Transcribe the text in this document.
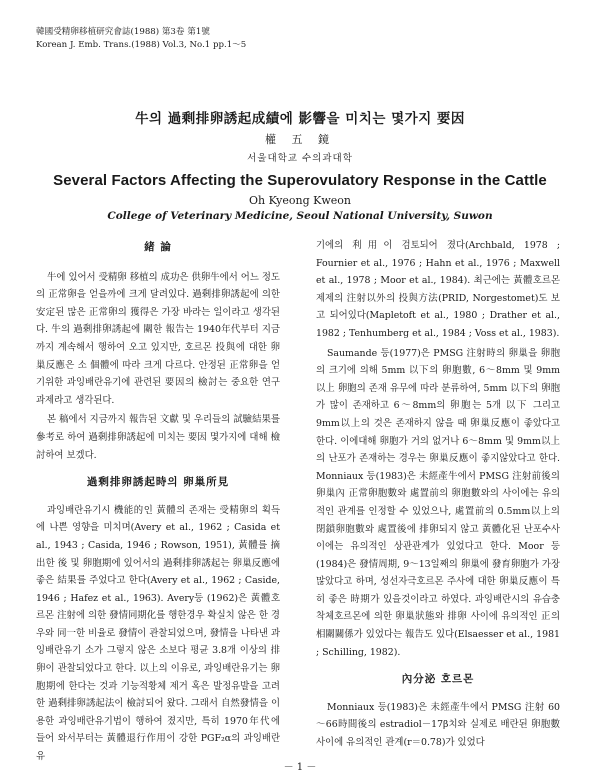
韓國受精卵移植研究會誌(1988) 第3卷 第1號
Korean J. Emb. Trans.(1988) Vol.3, No.1 pp.1～5
牛의 過剩排卵誘起成績에 影響을 미치는 몇가지 要因
權 五 鏡
서울대학교 수의과대학
Several Factors Affecting the Superovulatory Response in the Cattle
Oh Kyeong Kweon
College of Veterinary Medicine, Seoul National University, Suwon
緒 論

牛에 있어서 受精卵 移植의 成功은 供卵牛에서 어느 정도의 正常卵을 얻을까에 크게 달려있다. 過剩排卵誘起에 의한 安定된 많은 正常卵의 獲得은 가장 바라는 일이라고 생각된다. 牛의 過剩排卵誘起에 關한 報告는 1940年代부터 지금까지 계속해서 행하여 오고 있지만, 호르몬 投與에 대한 卵巢反應은 소 個體에 따라 크게 다르다. 안정된 正常卵을 얻기위한 과잉배란유기에 관련된 要因의 檢討는 중요한 연구 과제라고 생각된다.

본 稿에서 지금까지 報告된 文獻 및 우리들의 試驗結果를 參考로 하여 過剩排卵誘起에 미치는 要因 몇가지에 대해 檢討하여 보겠다.

過剩排卵誘起時의 卵巢所見

과잉배란유기시 機能的인 黃體의 존재는 受精卵의 획득에 나쁜 영향을 미치며(Avery et al., 1962 ; Casida et al., 1943 ; Casida, 1946 ; Rowson, 1951), 黃體를 摘出한 後 및 卵胞期에 있어서의 過剩排卵誘起는 卵巢反應에 좋은 結果를 주었다고 한다(Avery et al., 1962 ; Caside, 1946 ; Hafez et al., 1963). Avery등 (1962)은 黃體호르몬 注射에 의한 發情同期化를 행한경우 확실치 않은 한 경우와 同一한 비율로 發情이 관찰되었으며, 發情을 나타낸 과잉배란유기 소가 그렇지 않은 소보다 평균 3.8개 이상의 排卵이 관찰되었다고 한다. 以上의 이유로, 과잉배란유기는 卵胞期에 한다는 것과 기능적황체 제거 혹은 발정유발을 고려한 過剩排卵誘起法이 檢討되어 왔다. 그래서 自然發情을 이용한 과잉배란유기법이 행하여 졌지만, 특히 1970年代에 들어 와서부터는 黃體退行作用이 강한 PGF₂α의 과잉배란유

기에의 利用이 검토되어 졌다(Archbald, 1978 ; Fournier et al., 1976 ; Hahn et al., 1976 ; Maxwell et al., 1978 ; Moor et al., 1984). 최근에는 黃體호르몬제제의 注射以外의 投與方法(PRID, Norgestomet)도 보고 되어있다(Mapletoft et al., 1980 ; Drather et al., 1982 ; Tenhumberg et al., 1984 ; Voss et al., 1983).

Saumande 등(1977)은 PMSG 注射時의 卵巢을 卵胞의 크기에 의해 5mm 以下의 卵胞數, 6～8mm 및 9mm 以上 卵胞의 존재 유무에 따라 분류하여, 5mm 以下의 卵胞가 많이 존재하고 6～8mm의 卵胞는 5개 以下 그리고 9mm以上의 것은 존재하지 않을 때 卵巢反應이 좋았다고 한다. 이에대해 卵胞가 거의 없거나 6～8mm 및 9mm以上의 난포가 존재하는 경우는 卵巢反應이 좋지않았다고 한다. Monniaux 등(1983)은 未經產牛에서 PMSG 注射前後의 卵巢內 正常卵胞數와 處置前의 卵胞數와의 사이에는 유의적인 관계를 인정할 수 있었으나, 處置前의 0.5mm以上의 閉鎖卵胞數와 處置後에 排卵되지 않고 黃體化된 난포수사이에는 유의적인 상관관계가 있었다고 한다. Moor 등(1984)은 發情周期, 9～13일째의 卵巢에 發育卵胞가 가장 많았다고 하며, 성선자극호르몬 주사에 대한 卵巢反應이 특히 좋은 時期가 있을것이라고 하였다. 과잉배란시의 유습충 착체호르몬에 의한 卵巢狀態와 排卵 사이에 유의적인 正의 相關關係가 있었다는 報告도 있다(Elsaesser et al., 1981 ; Schilling, 1982).

內分泌 호르몬

Monniaux 등(1983)은 未經產牛에서 PMSG 注射 60～66時間後의 estradiol－17β치와 실제로 배란된 卵胞數사이에 유의적인 관계(r＝0.78)가 있었다

－ 1 －
